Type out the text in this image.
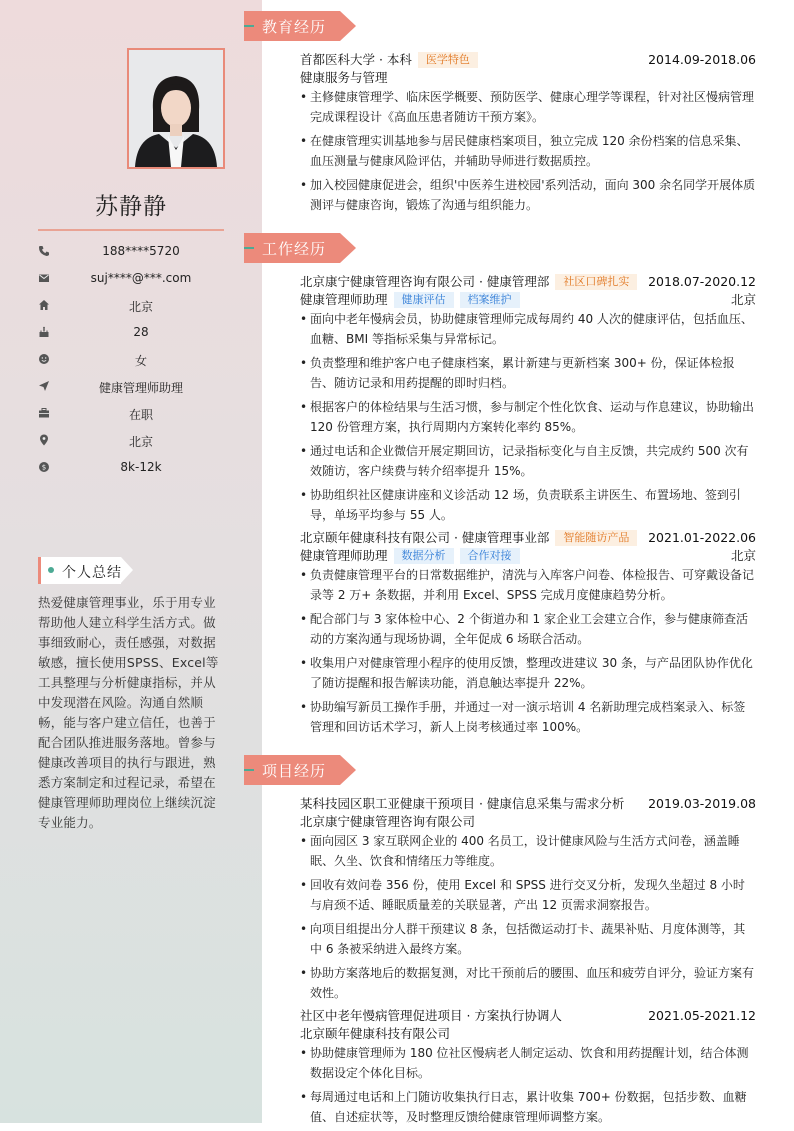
苏静静
188****5720
suj****@***.com
北京
28
女
健康管理师助理
在职
北京
$	8k-12k
个人总结
热爱健康管理事业，乐于用专业帮助他人建立科学生活方式。做事细致耐心，责任感强，对数据敏感，擅长使用SPSS、Excel等工具整理与分析健康指标，并从中发现潜在风险。沟通自然顺畅，能与客户建立信任，也善于配合团队推进服务落地。曾参与健康改善项目的执行与跟进，熟悉方案制定和过程记录，希望在健康管理师助理岗位上继续沉淀专业能力。
教育经历
首都医科大学 · 本科 医学特色	2014.09-2018.06
健康服务与管理
• 主修健康管理学、临床医学概要、预防医学、健康心理学等课程，针对社区慢病管理完成课程设计《高血压患者随访干预方案》。
• 在健康管理实训基地参与居民健康档案项目，独立完成 120 余份档案的信息采集、血压测量与健康风险评估，并辅助导师进行数据质控。
• 加入校园健康促进会，组织'中医养生进校园'系列活动，面向 300 余名同学开展体质测评与健康咨询，锻炼了沟通与组织能力。
工作经历
北京康宁健康管理咨询有限公司 · 健康管理部 社区口碑扎实 2018.07-2020.12
健康管理师助理 健康评估 档案维护	北京
• 面向中老年慢病会员，协助健康管理师完成每周约 40 人次的健康评估，包括血压、血糖、BMI 等指标采集与异常标记。
• 负责整理和维护客户电子健康档案，累计新建与更新档案 300+ 份，保证体检报告、随访记录和用药提醒的即时归档。
• 根据客户的体检结果与生活习惯，参与制定个性化饮食、运动与作息建议，协助输出 120 份管理方案，执行周期内方案转化率约 85%。
• 通过电话和企业微信开展定期回访，记录指标变化与自主反馈，共完成约 500 次有效随访，客户续费与转介绍率提升 15%。
• 协助组织社区健康讲座和义诊活动 12 场，负责联系主讲医生、布置场地、签到引导，单场平均参与 55 人。
北京颐年健康科技有限公司 · 健康管理事业部 智能随访产品 2021.01-2022.06
健康管理师助理 数据分析 合作对接	北京
• 负责健康管理平台的日常数据维护，清洗与入库客户问卷、体检报告、可穿戴设备记录等 2 万+ 条数据，并利用 Excel、SPSS 完成月度健康趋势分析。
• 配合部门与 3 家体检中心、2 个街道办和 1 家企业工会建立合作，参与健康筛查活动的方案沟通与现场协调，全年促成 6 场联合活动。
• 收集用户对健康管理小程序的使用反馈，整理改进建议 30 条，与产品团队协作优化了随访提醒和报告解读功能，消息触达率提升 22%。
• 协助编写新员工操作手册，并通过一对一演示培训 4 名新助理完成档案录入、标签管理和回访话术学习，新人上岗考核通过率 100%。
项目经历
某科技园区职工亚健康干预项目 · 健康信息采集与需求分析 2019.03-2019.08
北京康宁健康管理咨询有限公司
• 面向园区 3 家互联网企业的 400 名员工，设计健康风险与生活方式问卷，涵盖睡眠、久坐、饮食和情绪压力等维度。
• 回收有效问卷 356 份，使用 Excel 和 SPSS 进行交叉分析，发现久坐超过 8 小时与肩颈不适、睡眠质量差的关联显著，产出 12 页需求洞察报告。
• 向项目组提出分人群干预建议 8 条，包括微运动打卡、蔬果补贴、月度体测等，其中 6 条被采纳进入最终方案。
• 协助方案落地后的数据复测，对比干预前后的腰围、血压和疲劳自评分，验证方案有效性。
社区中老年慢病管理促进项目 · 方案执行协调人	2021.05-2021.12
北京颐年健康科技有限公司
• 协助健康管理师为 180 位社区慢病老人制定运动、饮食和用药提醒计划，结合体测数据设定个体化目标。
• 每周通过电话和上门随访收集执行日志，累计收集 700+ 份数据，包括步数、血糖值、自述症状等，及时整理反馈给健康管理师调整方案。
